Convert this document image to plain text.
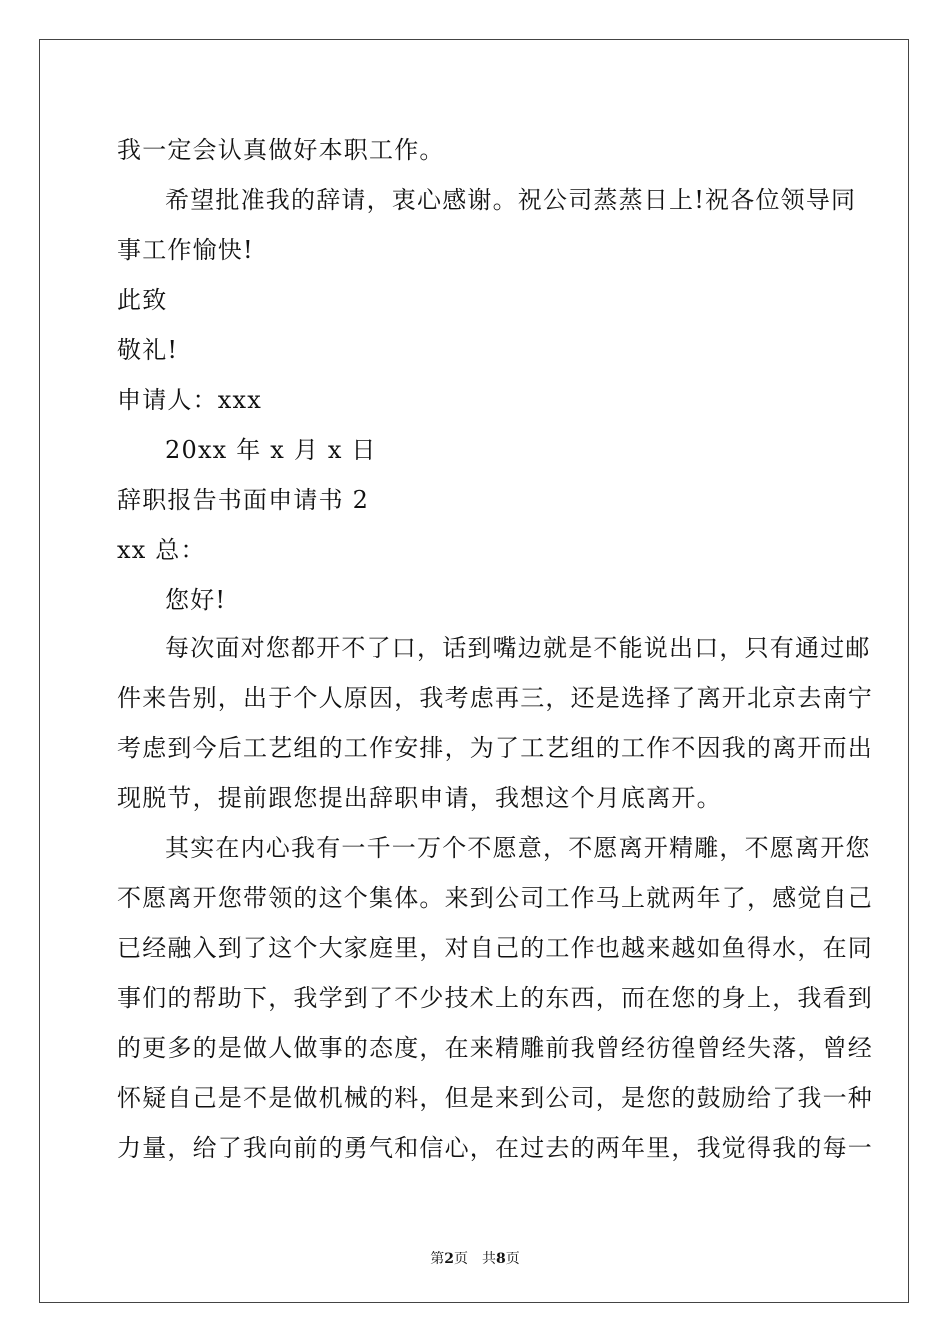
我一定会认真做好本职工作。
希望批准我的辞请，衷心感谢。祝公司蒸蒸日上!祝各位领导同
事工作愉快!
此致
敬礼!
申请人：xxx
20xx 年 x 月 x 日
辞职报告书面申请书 2
xx 总：
您好!
每次面对您都开不了口，话到嘴边就是不能说出口，只有通过邮
件来告别，出于个人原因，我考虑再三，还是选择了离开北京去南宁
考虑到今后工艺组的工作安排，为了工艺组的工作不因我的离开而出
现脱节，提前跟您提出辞职申请，我想这个月底离开。
其实在内心我有一千一万个不愿意，不愿离开精雕，不愿离开您
不愿离开您带领的这个集体。来到公司工作马上就两年了，感觉自己
已经融入到了这个大家庭里，对自己的工作也越来越如鱼得水，在同
事们的帮助下，我学到了不少技术上的东西，而在您的身上，我看到
的更多的是做人做事的态度，在来精雕前我曾经彷徨曾经失落，曾经
怀疑自己是不是做机械的料，但是来到公司，是您的鼓励给了我一种
力量，给了我向前的勇气和信心，在过去的两年里，我觉得我的每一
第2页　共8页
